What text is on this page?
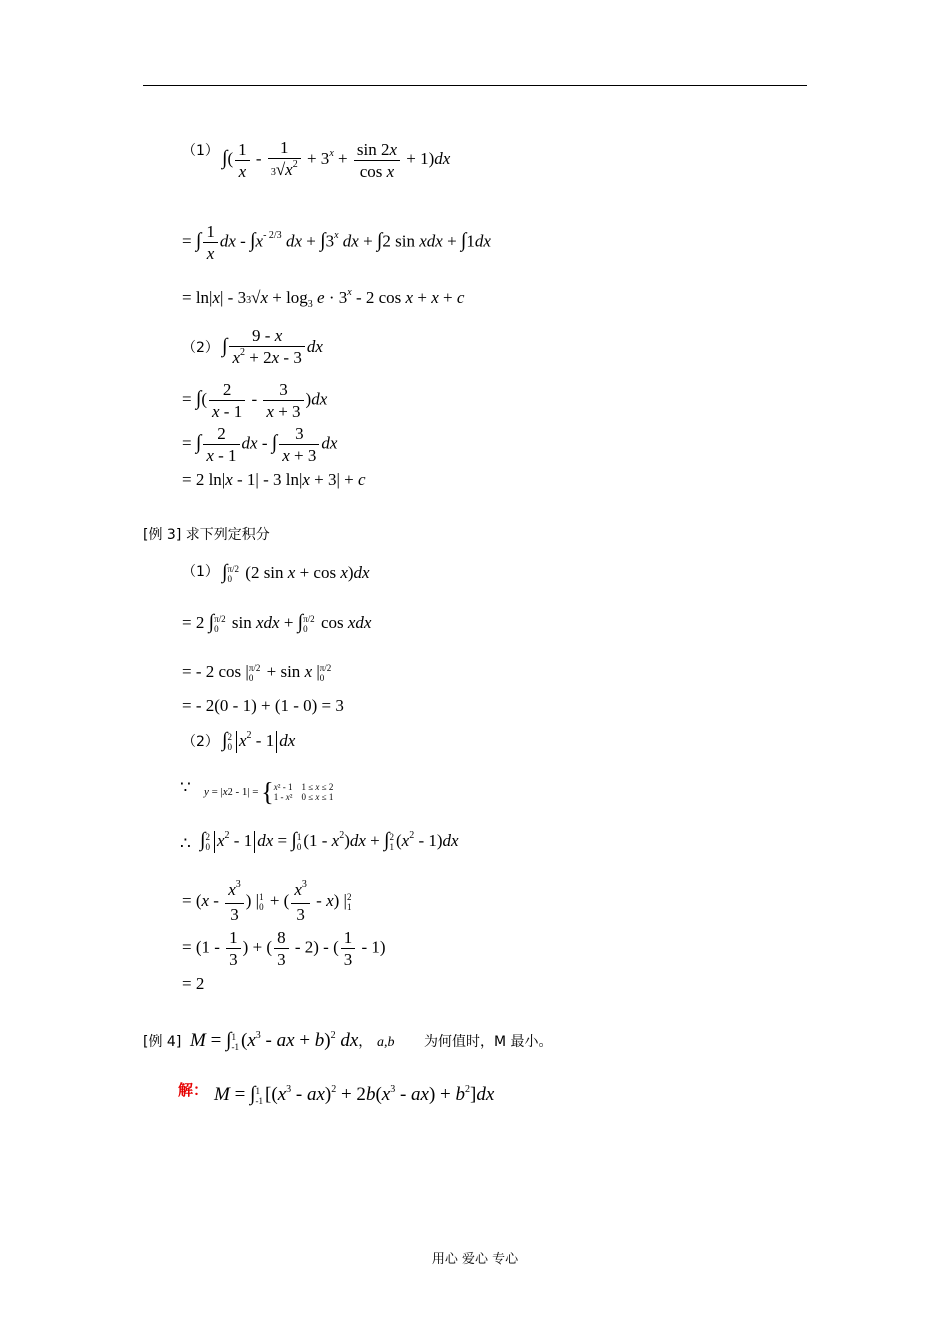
（1） ∫( $\frac{1}{x} - \frac{1}{3√x^2} + 3^x + \frac{\sin 2x}{\text{cos x}} + 1)dx$
= ∫ $\frac{1}{x}$ dx - $\int x^{- 2/3}$ dx + $\int 3^x$ dx + ∫2 sin xdx + ∫1dx
= $\ln|x| - 33√x + \log_3 e \cdot 3^x - 2$ cos x + x + c
（2） ∫ $\frac{9 - x}{x^2 + 2x - 3}$ dx
= ∫( $\frac{2}{x - 1} - \frac{3}{x + 3} )dx$
= ∫ $\frac{2}{x - 1}$ dx - ∫ $\frac{3}{x + 3}$ dx
= 2 ln|x - 1| - 3 ln|x + 3| + c
[例 3] 求下列定积分
（1） ∫ π/2
0 (2 sin x + cos x)dx
= 2 ∫ π/2
0 sin xdx + ∫ π/2
0 cos xdx
= - 2 cos | π/2
0 + sin x | π/2
0
= - 2(0 - 1) + (1 - 0) = 3
（2） ∫ 2
0 $x^2 - 1$ dx
∵ y = |x2 - 1| = { x² - 1    1 ≤ x ≤ 2
1 - x²    0 ≤ x ≤ 1
∴ ∫ 2
0 $x^2 - 1$ dx = ∫ 1
0 $(1 - x^2)dx$ + ∫ 2
1 $(x^2 - 1)dx$
= ($x - \frac{x^3}{3}$ ) | 1
0 + ( $\frac{x^3}{3} - x$) | 2
1
= ($1 - \frac{1}{3}$ ) + ( $\frac{8}{3} - 2$) - ( $\frac{1}{3} - 1$)
= 2
[例 4] M = ∫ 1
-1 ($x^3$ - ax + b)$^2$ dx， a,b 为何值时，M 最小。
解： M = ∫ 1
-1 $[(x^3 - ax)^2 + 2b(x^3 - ax) + b^2]dx$
用心 爱心 专心
